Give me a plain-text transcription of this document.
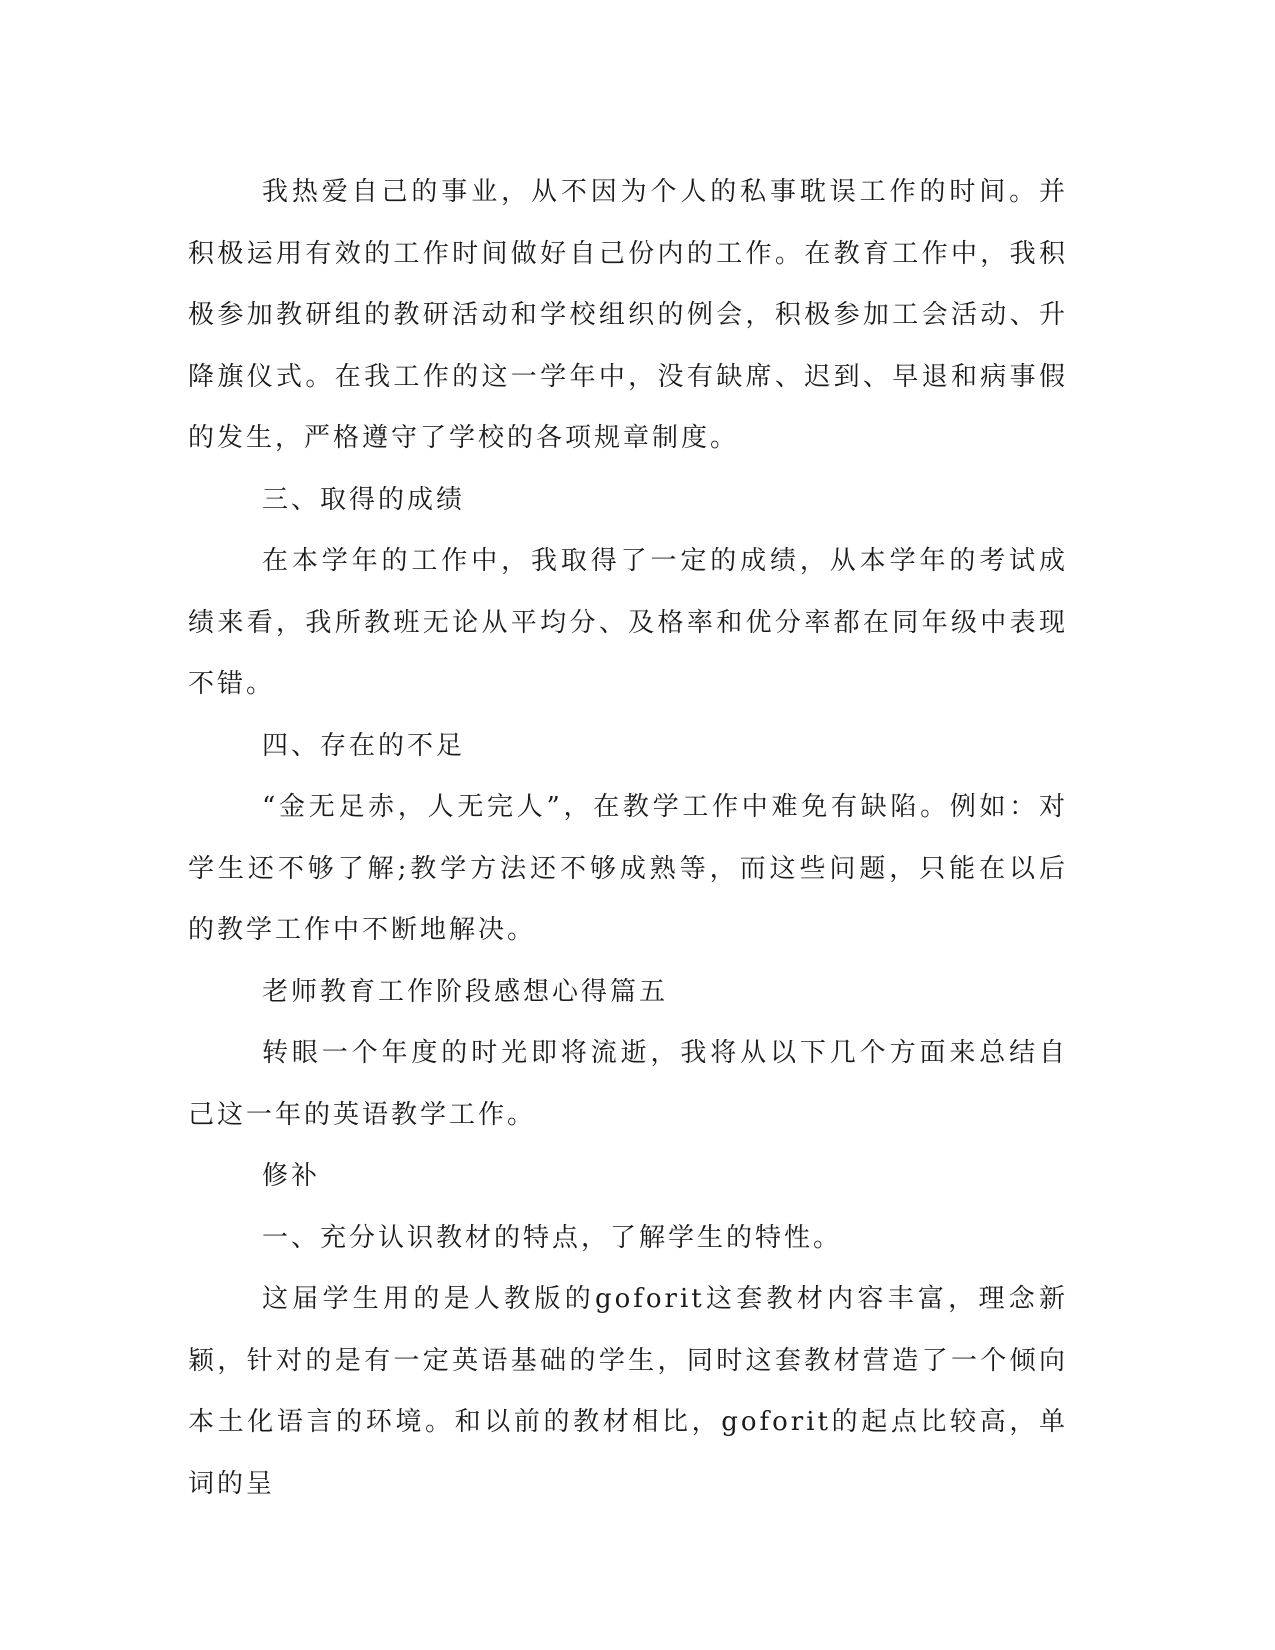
我热爱自己的事业，从不因为个人的私事耽误工作的时间。并积极运用有效的工作时间做好自己份内的工作。在教育工作中，我积极参加教研组的教研活动和学校组织的例会，积极参加工会活动、升降旗仪式。在我工作的这一学年中，没有缺席、迟到、早退和病事假的发生，严格遵守了学校的各项规章制度。

三、取得的成绩

在本学年的工作中，我取得了一定的成绩，从本学年的考试成绩来看，我所教班无论从平均分、及格率和优分率都在同年级中表现不错。

四、存在的不足

“金无足赤，人无完人”，在教学工作中难免有缺陷。例如：对学生还不够了解;教学方法还不够成熟等，而这些问题，只能在以后的教学工作中不断地解决。

老师教育工作阶段感想心得篇五

转眼一个年度的时光即将流逝，我将从以下几个方面来总结自己这一年的英语教学工作。

修补

一、充分认识教材的特点，了解学生的特性。

这届学生用的是人教版的goforit这套教材内容丰富，理念新颖，针对的是有一定英语基础的学生，同时这套教材营造了一个倾向本土化语言的环境。和以前的教材相比，goforit的起点比较高，单词的呈
